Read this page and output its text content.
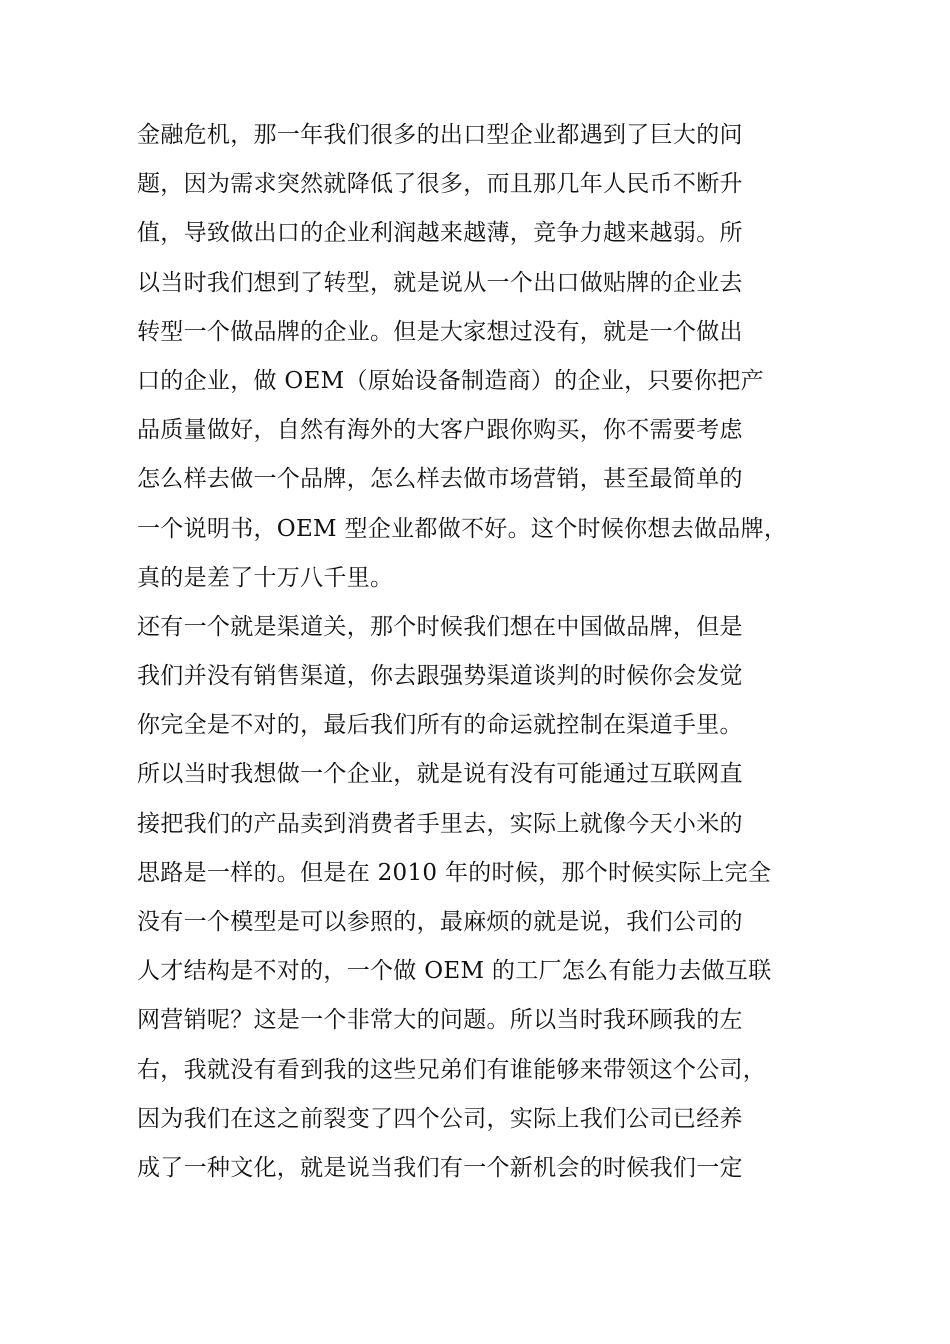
金融危机，那一年我们很多的出口型企业都遇到了巨大的问
题，因为需求突然就降低了很多，而且那几年人民币不断升
值，导致做出口的企业利润越来越薄，竞争力越来越弱。所
以当时我们想到了转型，就是说从一个出口做贴牌的企业去
转型一个做品牌的企业。但是大家想过没有，就是一个做出
口的企业，做 OEM（原始设备制造商）的企业，只要你把产
品质量做好，自然有海外的大客户跟你购买，你不需要考虑
怎么样去做一个品牌，怎么样去做市场营销，甚至最简单的
一个说明书，OEM 型企业都做不好。这个时候你想去做品牌，
真的是差了十万八千里。
还有一个就是渠道关，那个时候我们想在中国做品牌，但是
我们并没有销售渠道，你去跟强势渠道谈判的时候你会发觉
你完全是不对的，最后我们所有的命运就控制在渠道手里。
所以当时我想做一个企业，就是说有没有可能通过互联网直
接把我们的产品卖到消费者手里去，实际上就像今天小米的
思路是一样的。但是在 2010 年的时候，那个时候实际上完全
没有一个模型是可以参照的，最麻烦的就是说，我们公司的
人才结构是不对的，一个做 OEM 的工厂怎么有能力去做互联
网营销呢？这是一个非常大的问题。所以当时我环顾我的左
右，我就没有看到我的这些兄弟们有谁能够来带领这个公司，
因为我们在这之前裂变了四个公司，实际上我们公司已经养
成了一种文化，就是说当我们有一个新机会的时候我们一定
